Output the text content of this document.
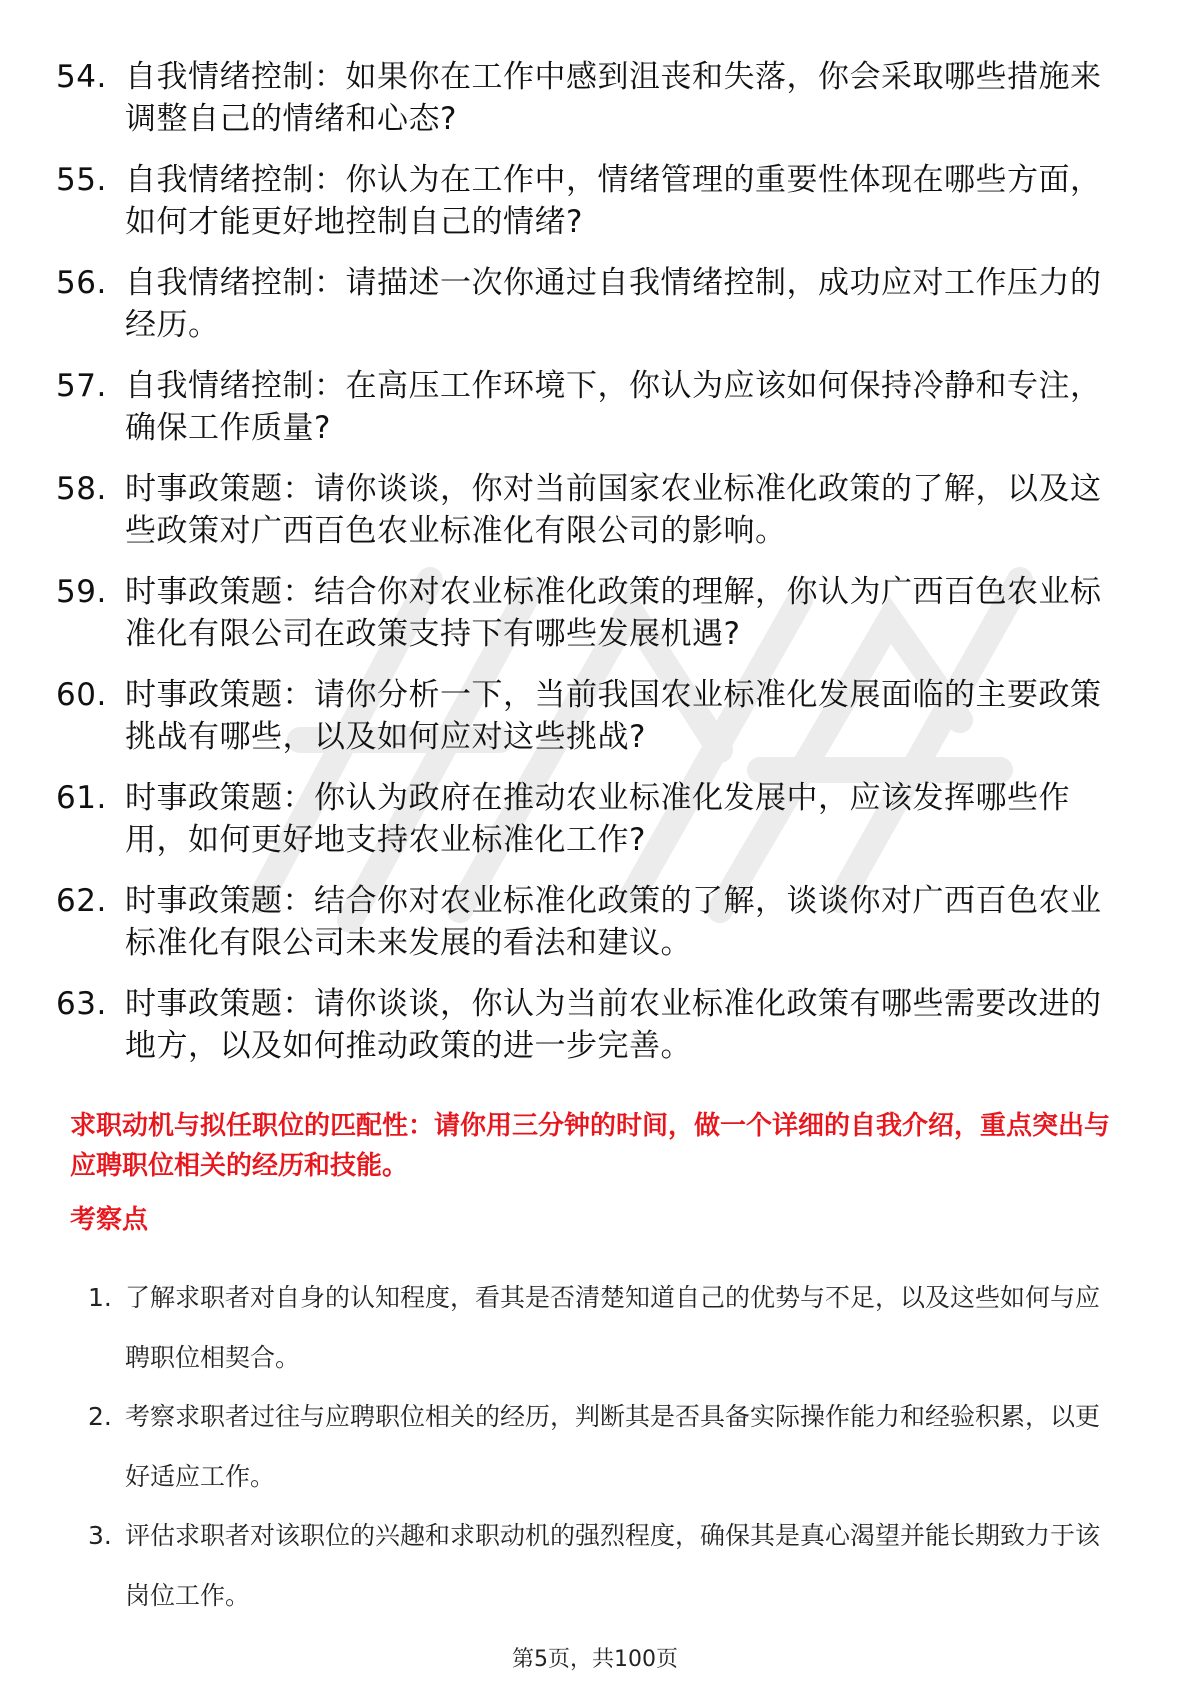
54. 自我情绪控制：如果你在工作中感到沮丧和失落，你会采取哪些措施来调整自己的情绪和心态?
55. 自我情绪控制：你认为在工作中，情绪管理的重要性体现在哪些方面，如何才能更好地控制自己的情绪?
56. 自我情绪控制：请描述一次你通过自我情绪控制，成功应对工作压力的经历。
57. 自我情绪控制：在高压工作环境下，你认为应该如何保持冷静和专注，确保工作质量?
58. 时事政策题：请你谈谈，你对当前国家农业标准化政策的了解，以及这些政策对广西百色农业标准化有限公司的影响。
59. 时事政策题：结合你对农业标准化政策的理解，你认为广西百色农业标准化有限公司在政策支持下有哪些发展机遇?
60. 时事政策题：请你分析一下，当前我国农业标准化发展面临的主要政策挑战有哪些，以及如何应对这些挑战?
61. 时事政策题：你认为政府在推动农业标准化发展中，应该发挥哪些作用，如何更好地支持农业标准化工作?
62. 时事政策题：结合你对农业标准化政策的了解，谈谈你对广西百色农业标准化有限公司未来发展的看法和建议。
63. 时事政策题：请你谈谈，你认为当前农业标准化政策有哪些需要改进的地方，以及如何推动政策的进一步完善。
求职动机与拟任职位的匹配性：请你用三分钟的时间，做一个详细的自我介绍，重点突出与应聘职位相关的经历和技能。
考察点
1. 了解求职者对自身的认知程度，看其是否清楚知道自己的优势与不足，以及这些如何与应聘职位相契合。
2. 考察求职者过往与应聘职位相关的经历，判断其是否具备实际操作能力和经验积累，以更好适应工作。
3. 评估求职者对该职位的兴趣和求职动机的强烈程度，确保其是真心渴望并能长期致力于该岗位工作。
第5页，共100页
